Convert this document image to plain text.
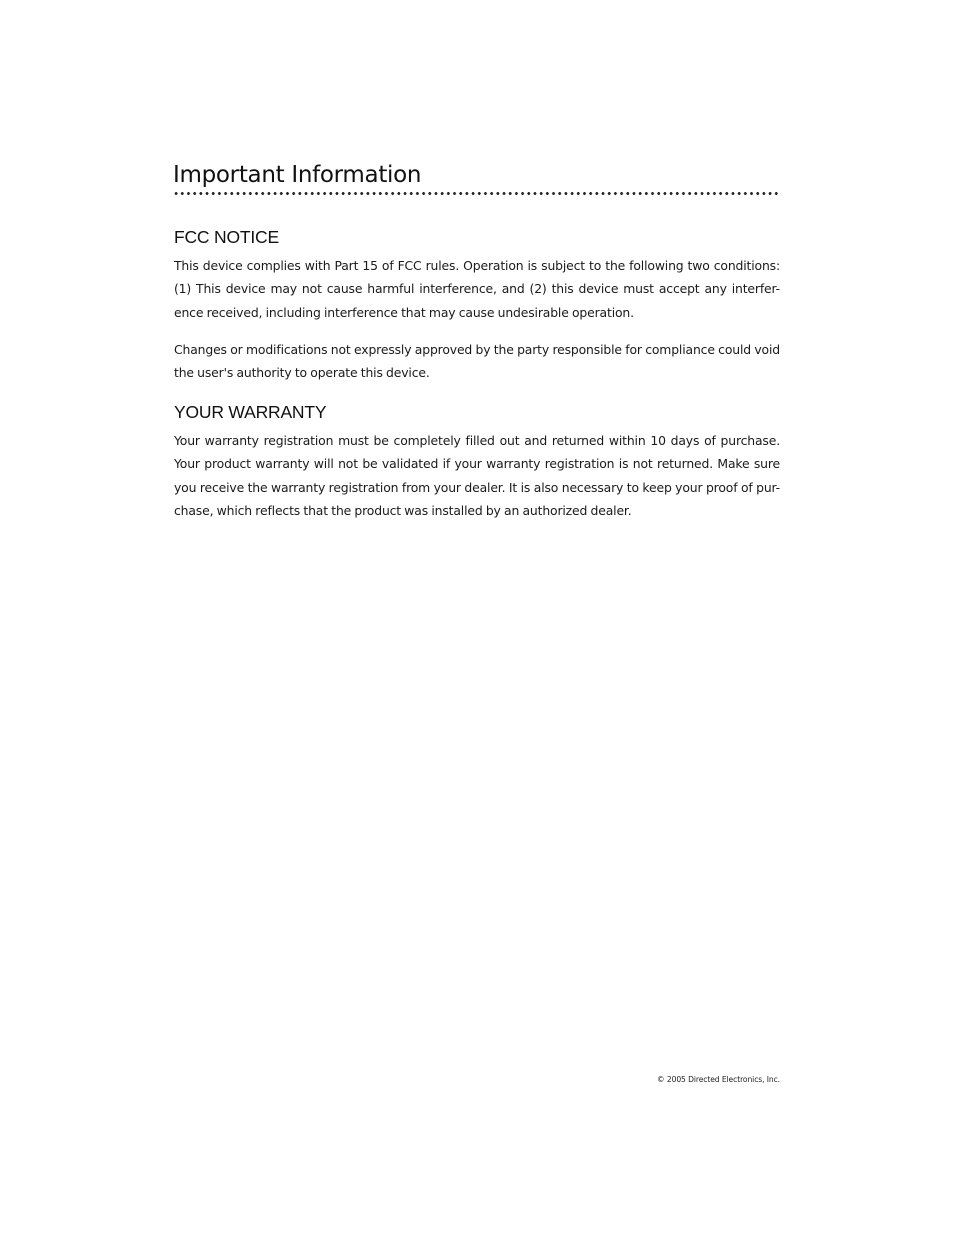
Important Information
FCC NOTICE

This device complies with Part 15 of FCC rules. Operation is subject to the following two conditions:
(1) This device may not cause harmful interference, and (2) this device must accept any interfer-
ence received, including interference that may cause undesirable operation.

Changes or modifications not expressly approved by the party responsible for compliance could void
the user's authority to operate this device.

YOUR WARRANTY

Your warranty registration must be completely filled out and returned within 10 days of purchase.
Your product warranty will not be validated if your warranty registration is not returned. Make sure
you receive the warranty registration from your dealer. It is also necessary to keep your proof of pur-
chase, which reflects that the product was installed by an authorized dealer.

© 2005 Directed Electronics, Inc.
